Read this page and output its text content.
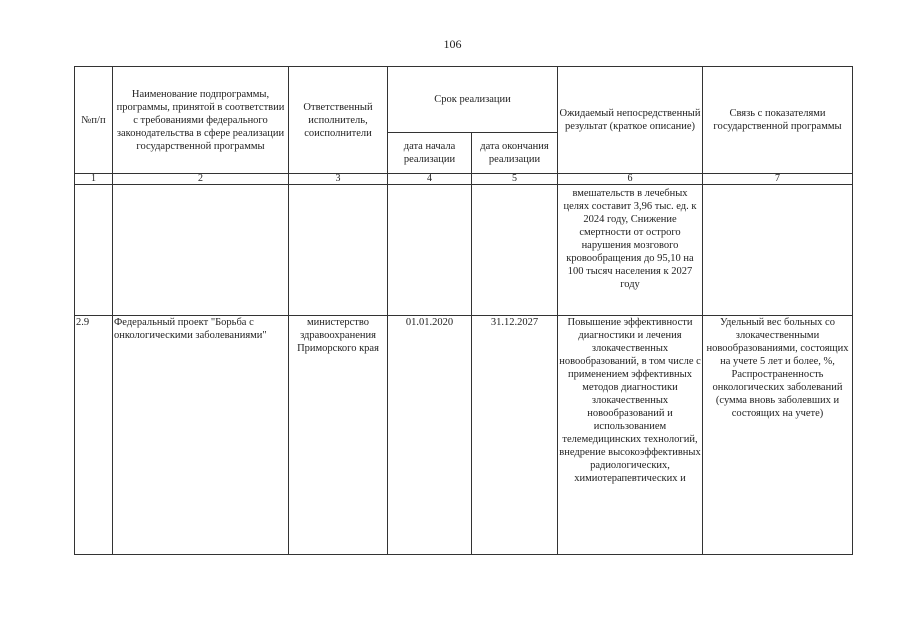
106
№п/п	Наименование подпрограммы, программы, принятой в соответствии с требованиями федерального законодательства в сфере реализации государственной программы	Ответственный исполнитель, соисполнители	Срок реализации		Ожидаемый непосредственный результат (краткое описание)	Связь с показателями государственной программы
			дата начала реализации	дата окончания реализации		
1	2	3	4	5	6	7
					вмешательств в лечебных целях составит 3,96 тыс. ед. к 2024 году, Снижение смертности от острого нарушения мозгового кровообращения до 95,10 на 100 тысяч населения к 2027 году	
2.9	Федеральный проект "Борьба с онкологическими заболеваниями"	министерство здравоохранения Приморского края	01.01.2020	31.12.2027	Повышение эффективности диагностики и лечения злокачественных новообразований, в том числе с применением эффективных методов диагностики злокачественных новообразований и использованием телемедицинских технологий, внедрение высокоэффективных радиологических, химиотерапевтических и	Удельный вес больных со злокачественными новообразованиями, состоящих на учете 5 лет и более, %, Распространенность онкологических заболеваний (сумма вновь заболевших и состоящих на учете)
